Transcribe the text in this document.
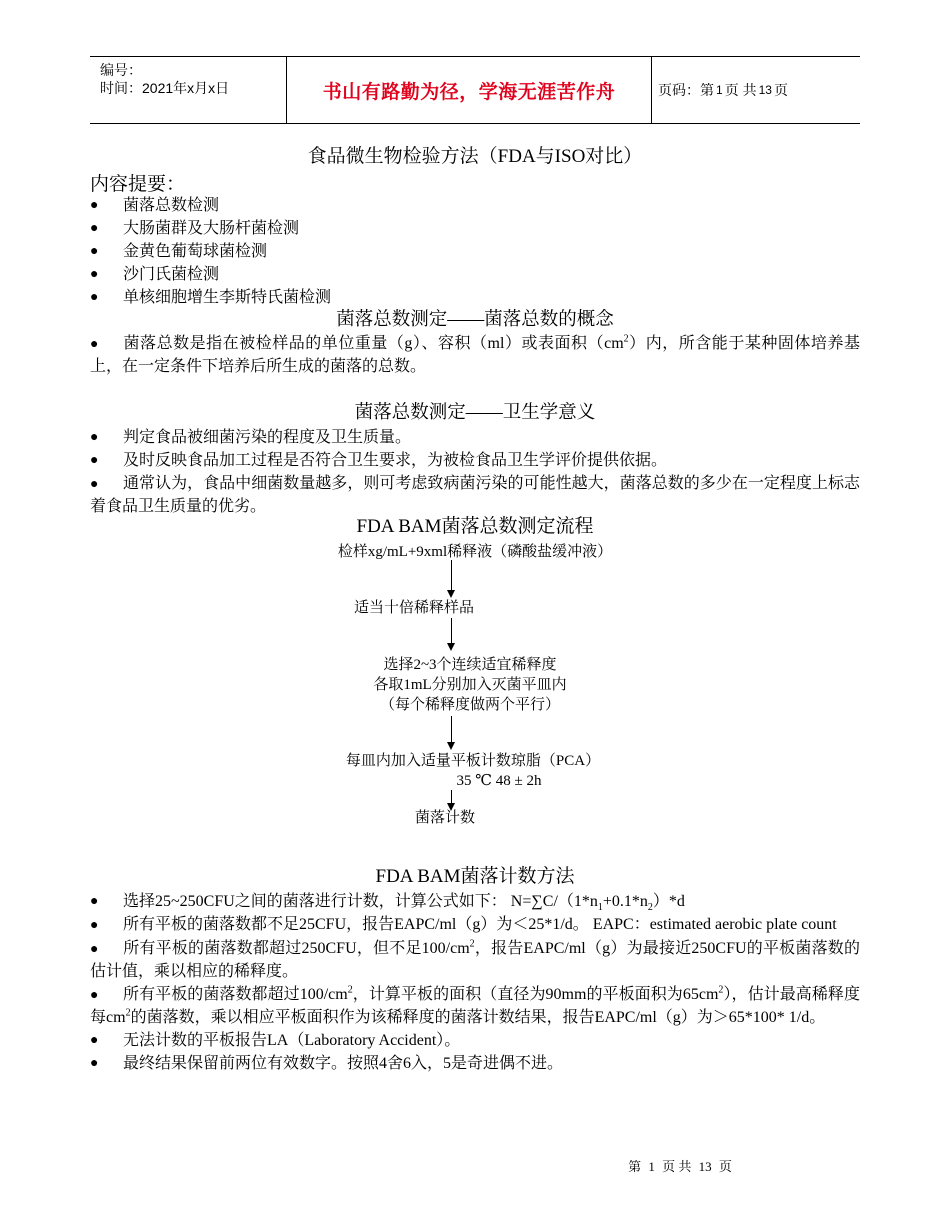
编号：
时间：2021年x月x日	书山有路勤为径，学海无涯苦作舟	页码：第 1 页 共 13 页
食品微生物检验方法（FDA与ISO对比）
内容提要：
● 菌落总数检测
● 大肠菌群及大肠杆菌检测
● 金黄色葡萄球菌检测
● 沙门氏菌检测
● 单核细胞增生李斯特氏菌检测
菌落总数测定——菌落总数的概念
● 菌落总数是指在被检样品的单位重量（g）、容积（ml）或表面积$(cm^2)$内，所含能于某种固体培养基上，在一定条件下培养后所生成的菌落的总数。
菌落总数测定——卫生学意义
● 判定食品被细菌污染的程度及卫生质量。
● 及时反映食品加工过程是否符合卫生要求，为被检食品卫生学评价提供依据。
● 通常认为，食品中细菌数量越多，则可考虑致病菌污染的可能性越大，菌落总数的多少在一定程度上标志着食品卫生质量的优劣。
FDA BAM菌落总数测定流程
检样xg/mL+9xml稀释液（磷酸盐缓冲液）
适当十倍稀释样品
选择2~3个连续适宜稀释度
各取1mL分别加入灭菌平皿内
（每个稀释度做两个平行）
每皿内加入适量平板计数琼脂（PCA）
35 ℃ 48 ± 2h
菌落计数
FDA BAM菌落计数方法
● 选择25~250CFU之间的菌落进行计数，计算公式如下： $N=\sum C/(1*n_1+0.1*n_2)*d$
● 所有平板的菌落数都不足25CFU，报告EAPC/ml（g）为＜25*1/d。 EAPC：estimated aerobic plate count
● 所有平板的菌落数都超过250CFU，但不足$100/cm^2$，报告EAPC/ml（g）为最接近250CFU的平板菌落数的估计值，乘以相应的稀释度。
● 所有平板的菌落数都超过$100/cm^2$，计算平板的面积（直径为90mm的平板面积为$65cm^2$），估计最高稀释度每$cm^2$的菌落数，乘以相应平板面积作为该稀释度的菌落计数结果，报告EAPC/ml（g）为＞65*100* 1/d。
● 无法计数的平板报告LA（Laboratory Accident）。
● 最终结果保留前两位有效数字。按照4舍6入，5是奇进偶不进。
第 1 页 共 13 页
